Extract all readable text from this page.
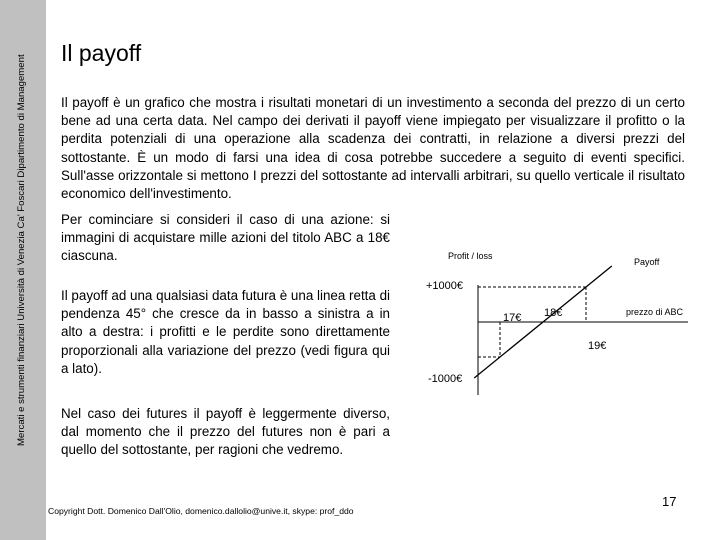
Mercati e strumenti finanziari Università di Venezia Ca' Foscari Dipartimento di Management
Il payoff

Il payoff è un grafico che mostra i risultati monetari di un investimento a seconda del prezzo di un certo bene ad una certa data. Nel campo dei derivati il payoff viene impiegato per visualizzare il profitto o la perdita potenziali di una operazione alla scadenza dei contratti, in relazione a diversi prezzi del sottostante. È un modo di farsi una idea di cosa potrebbe succedere a seguito di eventi specifici. Sull'asse orizzontale si mettono I prezzi del sottostante ad intervalli arbitrari, su quello verticale il risultato economico dell'investimento.

Per cominciare si consideri il caso di una azione: si immagini di acquistare mille azioni del titolo ABC a 18€ ciascuna.

Il payoff ad una qualsiasi data futura è una linea retta di pendenza 45° che cresce da in basso a sinistra a in alto a destra: i profitti e le perdite sono direttamente proporzionali alla variazione del prezzo (vedi figura qui a lato).

Nel caso dei futures il payoff è leggermente diverso, dal momento che il prezzo del futures non è pari a quello del sottostante, per ragioni che vedremo.

Profit / loss
Payoff
prezzo di ABC
+1000€
-1000€
17€ 18€
19€
Copyright Dott. Domenico Dall'Olio, domenico.dallolio@unive.it, skype: prof_ddo
17
